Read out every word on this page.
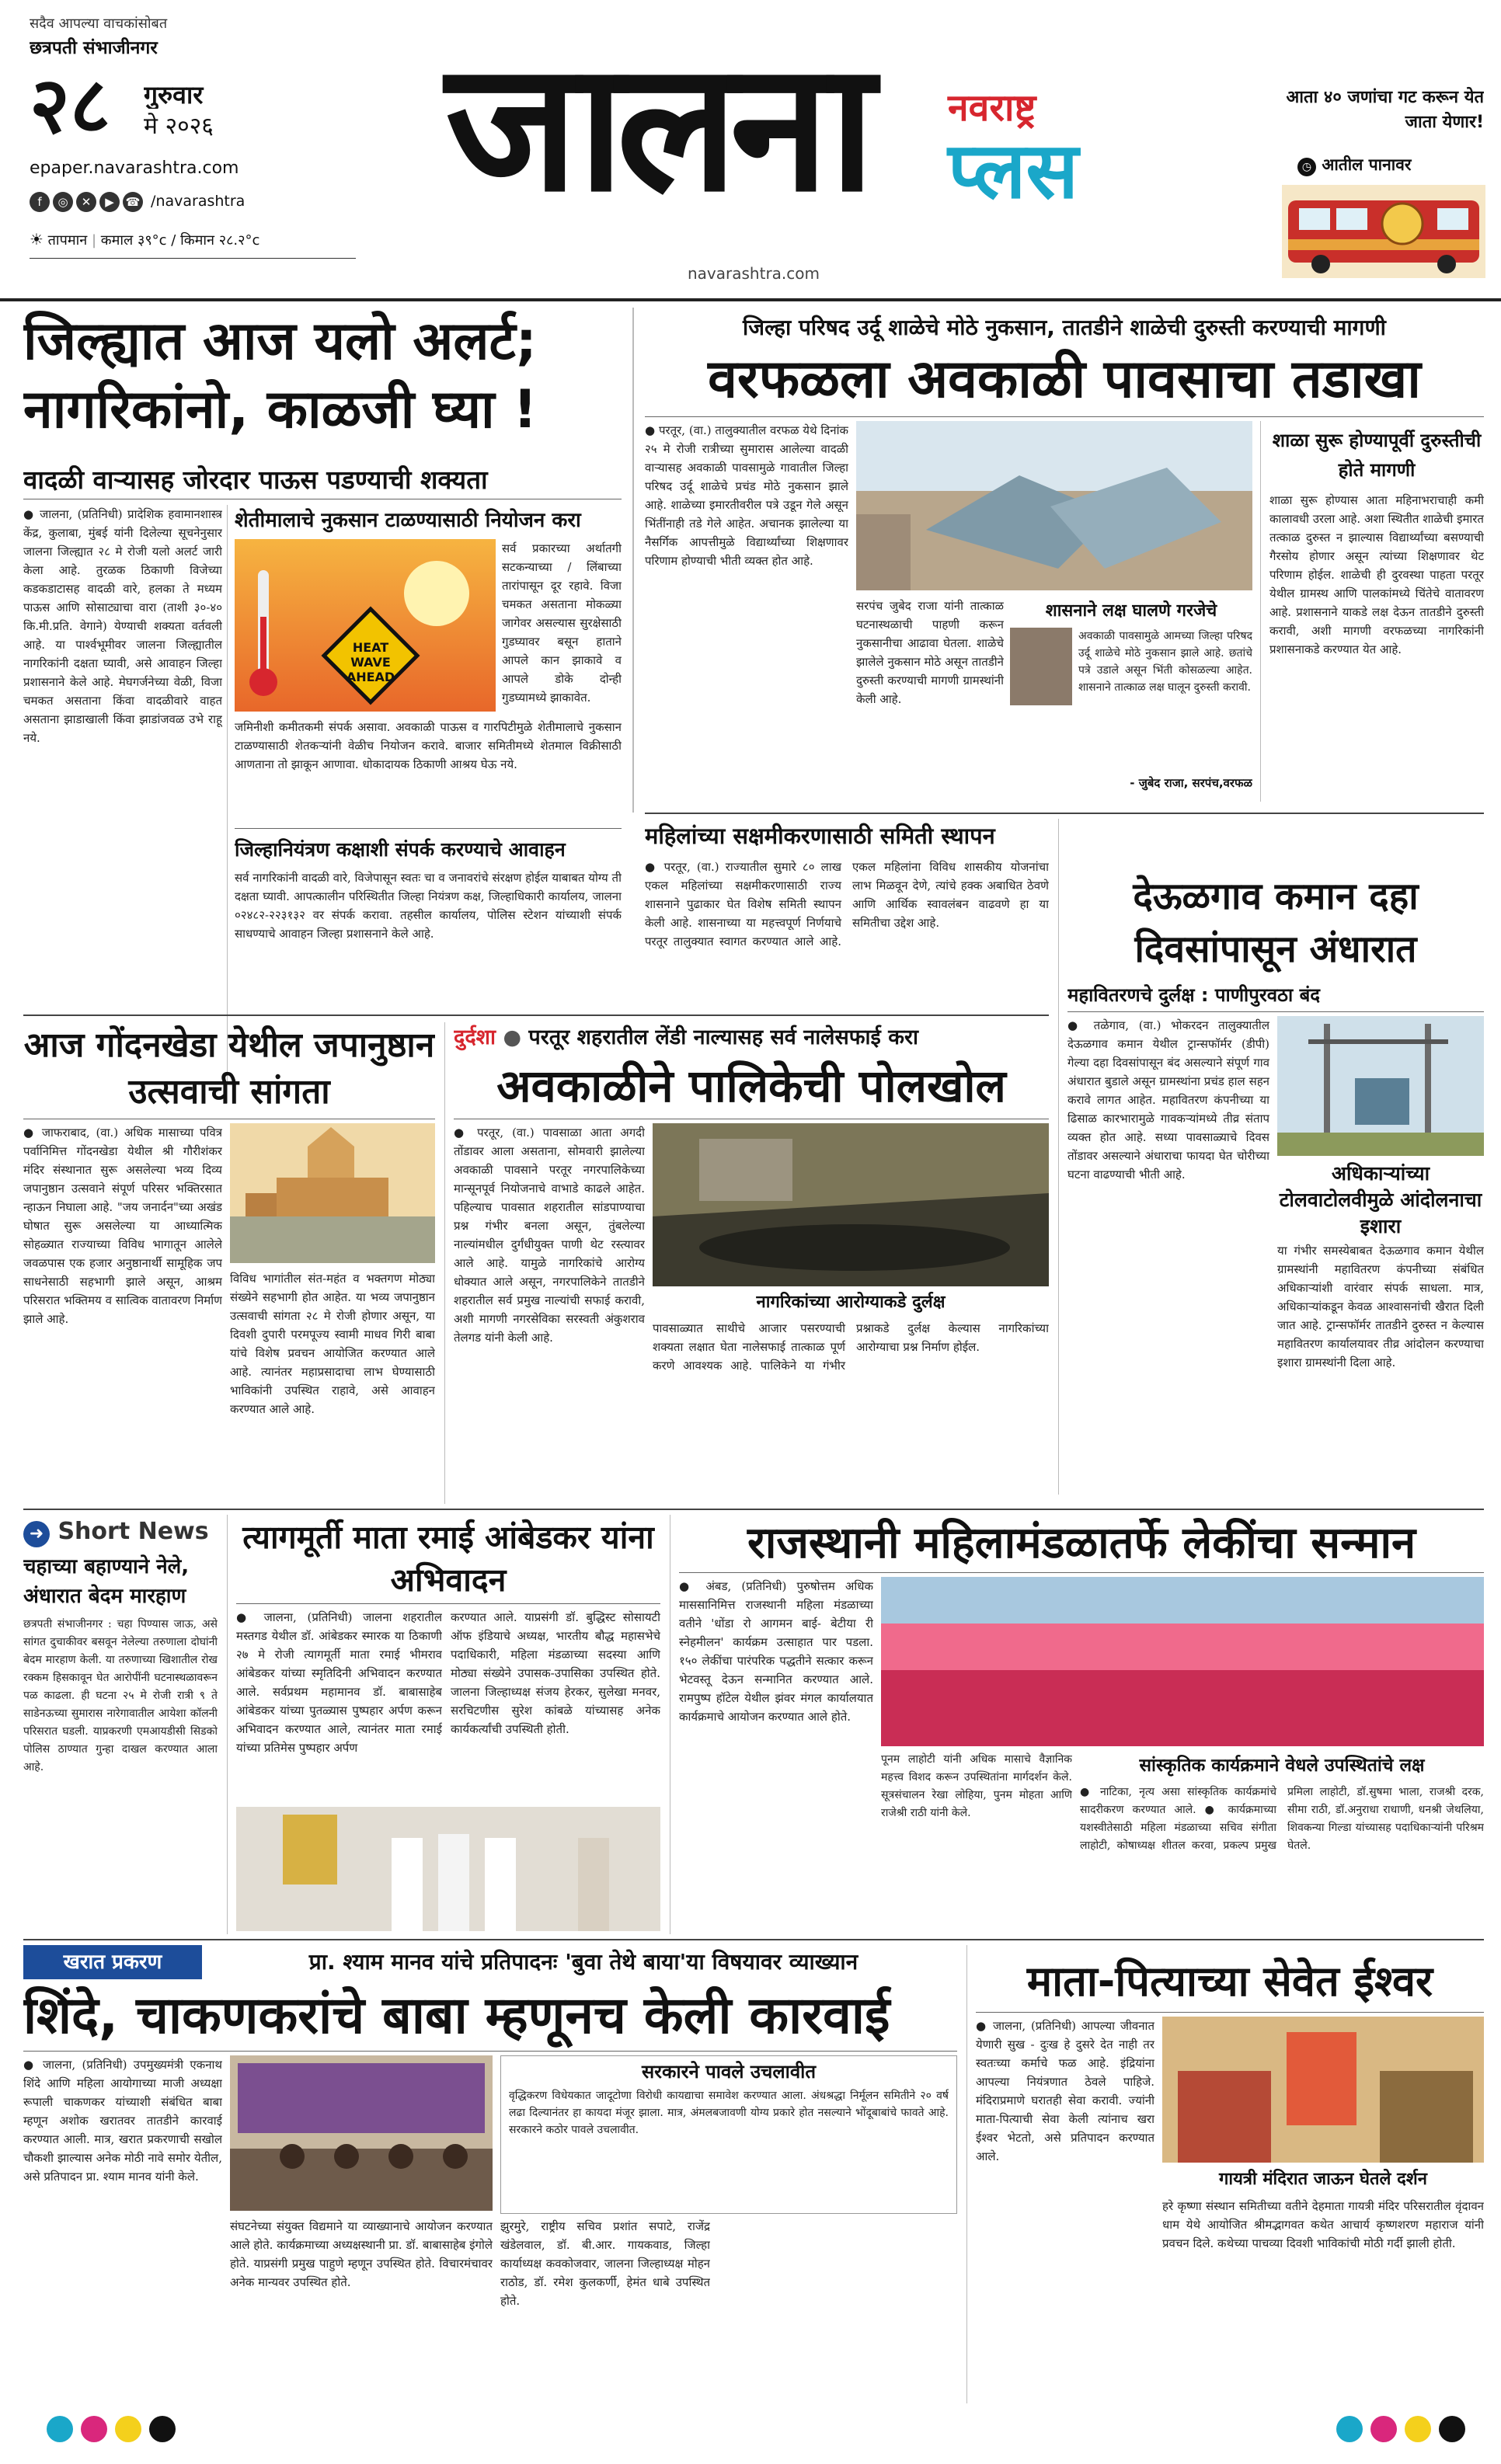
सदैव आपल्या वाचकांसोबत
छत्रपती संभाजीनगर
२८	गुरुवार
मे २०२६
epaper.navarashtra.com
f ◎ ✕ ▶ ☎ /navarashtra
☀ तापमान | कमाल ३९°c / किमान २८.२°c
जालना	नवराष्ट्र
प्लस
navarashtra.com
आता ४० जणांचा गट करून येत जाता येणार!
◷ आतील पानावर
जिल्ह्यात आज यलो अलर्ट; नागरिकांनो, काळजी घ्या !
वादळी वाऱ्यासह जोरदार पाऊस पडण्याची शक्यता
● जालना, (प्रतिनिधी) प्रादेशिक हवामानशास्त्र केंद्र, कुलाबा, मुंबई यांनी दिलेल्या सूचनेनुसार जालना जिल्ह्यात २८ मे रोजी यलो अलर्ट जारी केला आहे. तुरळक ठिकाणी विजेच्या कडकडाटासह वादळी वारे, हलका ते मध्यम पाऊस आणि सोसाट्याचा वारा (ताशी ३०-४० कि.मी.प्रति. वेगाने) येण्याची शक्यता वर्तवली आहे. या पार्श्वभूमीवर जालना जिल्ह्यातील नागरिकांनी दक्षता घ्यावी, असे आवाहन जिल्हा प्रशासनाने केले आहे. मेघगर्जनेच्या वेळी, विजा चमकत असताना किंवा वादळीवारे वाहत असताना झाडाखाली किंवा झाडांजवळ उभे राहू नये.
शेतीमालाचे नुकसान टाळण्यासाठी नियोजन करा
HEAT WAVE AHEAD
सर्व प्रकारच्या अर्थातगी सटकन्याच्या / लिंबाच्या तारांपासून दूर रहावे. विजा चमकत असताना मोकळ्या जागेवर असल्यास सुरक्षेसाठी गुडघ्यावर बसून हाताने आपले कान झाकावे व आपले डोके दोन्ही गुडघ्यामध्ये झाकावेत.
जमिनीशी कमीतकमी संपर्क असावा. अवकाळी पाऊस व गारपिटीमुळे शेतीमालाचे नुकसान टाळण्यासाठी शेतकऱ्यांनी वेळीच नियोजन करावे. बाजार समितीमध्ये शेतमाल विक्रीसाठी आणताना तो झाकून आणावा. धोकादायक ठिकाणी आश्रय घेऊ नये.
जिल्हानियंत्रण कक्षाशी संपर्क करण्याचे आवाहन
सर्व नागरिकांनी वादळी वारे, विजेपासून स्वतः चा व जनावरांचे संरक्षण होईल याबाबत योग्य ती दक्षता घ्यावी. आपत्कालीन परिस्थितीत जिल्हा नियंत्रण कक्ष, जिल्हाधिकारी कार्यालय, जालना ०२४८२-२२३१३२ वर संपर्क करावा. तहसील कार्यालय, पोलिस स्टेशन यांच्याशी संपर्क साधण्याचे आवाहन जिल्हा प्रशासनाने केले आहे.
जिल्हा परिषद उर्दू शाळेचे मोठे नुकसान, तातडीने शाळेची दुरुस्ती करण्याची मागणी
वरफळला अवकाळी पावसाचा तडाखा
● परतूर, (वा.) तालुक्यातील वरफळ येथे दिनांक २५ मे रोजी रात्रीच्या सुमारास आलेल्या वादळी वाऱ्यासह अवकाळी पावसामुळे गावातील जिल्हा परिषद उर्दू शाळेचे प्रचंड मोठे नुकसान झाले आहे. शाळेच्या इमारतीवरील पत्रे उडून गेले असून भिंतींनाही तडे गेले आहेत. अचानक झालेल्या या नैसर्गिक आपत्तीमुळे विद्यार्थ्यांच्या शिक्षणावर परिणाम होण्याची भीती व्यक्त होत आहे.
सरपंच जुबेद राजा यांनी तात्काळ घटनास्थळाची पाहणी करून नुकसानीचा आढावा घेतला. शाळेचे झालेले नुकसान मोठे असून तातडीने दुरुस्ती करण्याची मागणी ग्रामस्थांनी केली आहे.
शासनाने लक्ष घालणे गरजेचे
अवकाळी पावसामुळे आमच्या जिल्हा परिषद उर्दू शाळेचे मोठे नुकसान झाले आहे. छतांचे पत्रे उडाले असून भिंती कोसळल्या आहेत. शासनाने तात्काळ लक्ष घालून दुरुस्ती करावी.
- जुबेद राजा, सरपंच,वरफळ
शाळा सुरू होण्यापूर्वी दुरुस्तीची होते मागणी
शाळा सुरू होण्यास आता महिनाभराचाही कमी कालावधी उरला आहे. अशा स्थितीत शाळेची इमारत तत्काळ दुरुस्त न झाल्यास विद्यार्थ्यांच्या बसण्याची गैरसोय होणार असून त्यांच्या शिक्षणावर थेट परिणाम होईल. शाळेची ही दुरवस्था पाहता परतूर येथील ग्रामस्थ आणि पालकांमध्ये चिंतेचे वातावरण आहे. प्रशासनाने याकडे लक्ष देऊन तातडीने दुरुस्ती करावी, अशी मागणी वरफळच्या नागरिकांनी प्रशासनाकडे करण्यात येत आहे.
महिलांच्या सक्षमीकरणासाठी समिती स्थापन
● परतूर, (वा.) राज्यातील सुमारे ८० लाख एकल महिलांच्या सक्षमीकरणासाठी राज्य शासनाने पुढाकार घेत विशेष समिती स्थापन केली आहे. शासनाच्या या महत्त्वपूर्ण निर्णयाचे परतूर तालुक्यात स्वागत करण्यात आले आहे. एकल महिलांना विविध शासकीय योजनांचा लाभ मिळवून देणे, त्यांचे हक्क अबाधित ठेवणे आणि आर्थिक स्वावलंबन वाढवणे हा या समितीचा उद्देश आहे.
देऊळगाव कमान दहा दिवसांपासून अंधारात
महावितरणचे दुर्लक्ष : पाणीपुरवठा बंद
● तळेगाव, (वा.) भोकरदन तालुक्यातील देऊळगाव कमान येथील ट्रान्सफॉर्मर (डीपी) गेल्या दहा दिवसांपासून बंद असल्याने संपूर्ण गाव अंधारात बुडाले असून ग्रामस्थांना प्रचंड हाल सहन करावे लागत आहेत. महावितरण कंपनीच्या या ढिसाळ कारभारामुळे गावकऱ्यांमध्ये तीव्र संताप व्यक्त होत आहे. सध्या पावसाळ्याचे दिवस तोंडावर असल्याने अंधाराचा फायदा घेत चोरीच्या घटना वाढण्याची भीती आहे.	अधिकाऱ्यांच्या टोलवाटोलवीमुळे आंदोलनाचा इशारा
या गंभीर समस्येबाबत देऊळगाव कमान येथील ग्रामस्थांनी महावितरण कंपनीच्या संबंधित अधिकाऱ्यांशी वारंवार संपर्क साधला. मात्र, अधिकाऱ्यांकडून केवळ आश्वासनांची खैरात दिली जात आहे. ट्रान्सफॉर्मर तातडीने दुरुस्त न केल्यास महावितरण कार्यालयावर तीव्र आंदोलन करण्याचा इशारा ग्रामस्थांनी दिला आहे.
आज गोंदनखेडा येथील जपानुष्ठान उत्सवाची सांगता
● जाफराबाद, (वा.) अधिक मासाच्या पवित्र पर्वानिमित्त गोंदनखेडा येथील श्री गौरीशंकर मंदिर संस्थानात सुरू असलेल्या भव्य दिव्य जपानुष्ठान उत्सवाने संपूर्ण परिसर भक्तिरसात न्हाऊन निघाला आहे. "जय जनार्दन"च्या अखंड घोषात सुरू असलेल्या या आध्यात्मिक सोहळ्यात राज्याच्या विविध भागातून आलेले जवळपास एक हजार अनुष्ठानार्थी सामूहिक जप साधनेसाठी सहभागी झाले असून, आश्रम परिसरात भक्तिमय व सात्विक वातावरण निर्माण झाले आहे.
विविध भागांतील संत-महंत व भक्तगण मोठ्या संख्येने सहभागी होत आहेत. या भव्य जपानुष्ठान उत्सवाची सांगता २८ मे रोजी होणार असून, या दिवशी दुपारी परमपूज्य स्वामी माधव गिरी बाबा यांचे विशेष प्रवचन आयोजित करण्यात आले आहे. त्यानंतर महाप्रसादाचा लाभ घेण्यासाठी भाविकांनी उपस्थित राहावे, असे आवाहन करण्यात आले आहे.
दुर्दशा ● परतूर शहरातील लेंडी नाल्यासह सर्व नालेसफाई करा
अवकाळीने पालिकेची पोलखोल
● परतूर, (वा.) पावसाळा आता अगदी तोंडावर आला असताना, सोमवारी झालेल्या अवकाळी पावसाने परतूर नगरपालिकेच्या मान्सूनपूर्व नियोजनाचे वाभाडे काढले आहेत. पहिल्याच पावसात शहरातील सांडपाण्याचा प्रश्न गंभीर बनला असून, तुंबलेल्या नाल्यांमधील दुर्गंधीयुक्त पाणी थेट रस्त्यावर आले आहे. यामुळे नागरिकांचे आरोग्य धोक्यात आले असून, नगरपालिकेने तातडीने शहरातील सर्व प्रमुख नाल्यांची सफाई करावी, अशी मागणी नगरसेविका सरस्वती अंकुशराव तेलगड यांनी केली आहे.
नागरिकांच्या आरोग्याकडे दुर्लक्ष
पावसाळ्यात साथीचे आजार पसरण्याची शक्यता लक्षात घेता नालेसफाई तात्काळ पूर्ण करणे आवश्यक आहे. पालिकेने या गंभीर प्रश्नाकडे दुर्लक्ष केल्यास नागरिकांच्या आरोग्याचा प्रश्न निर्माण होईल.
➜ Short News
चहाच्या बहाण्याने नेले, अंधारात बेदम मारहाण
छत्रपती संभाजीनगर : चहा पिण्यास जाऊ, असे सांगत दुचाकीवर बसवून नेलेल्या तरुणाला दोघांनी बेदम मारहाण केली. या तरुणाच्या खिशातील रोख रक्कम हिसकावून घेत आरोपींनी घटनास्थळावरून पळ काढला. ही घटना २५ मे रोजी रात्री ९ ते साडेनऊच्या सुमारास नारेगावातील आयेशा कॉलनी परिसरात घडली. याप्रकरणी एमआयडीसी सिडको पोलिस ठाण्यात गुन्हा दाखल करण्यात आला आहे.
त्यागमूर्ती माता रमाई आंबेडकर यांना अभिवादन
● जालना, (प्रतिनिधी) जालना शहरातील मस्तगड येथील डॉ. आंबेडकर स्मारक या ठिकाणी २७ मे रोजी त्यागमूर्ती माता रमाई भीमराव आंबेडकर यांच्या स्मृतिदिनी अभिवादन करण्यात आले. सर्वप्रथम महामानव डॉ. बाबासाहेब आंबेडकर यांच्या पुतळ्यास पुष्पहार अर्पण करून अभिवादन करण्यात आले, त्यानंतर माता रमाई यांच्या प्रतिमेस पुष्पहार अर्पण
करण्यात आले. याप्रसंगी डॉ. बुद्धिस्ट सोसायटी ऑफ इंडियाचे अध्यक्ष, भारतीय बौद्ध महासभेचे पदाधिकारी, महिला मंडळाच्या सदस्या आणि मोठ्या संख्येने उपासक-उपासिका उपस्थित होते. जालना जिल्हाध्यक्ष संजय हेरकर, सुलेखा मनवर, सरचिटणीस सुरेश कांबळे यांच्यासह अनेक कार्यकर्त्यांची उपस्थिती होती.
राजस्थानी महिलामंडळातर्फे लेकींचा सन्मान
● अंबड, (प्रतिनिधी) पुरुषोत्तम अधिक माससानिमित्त राजस्थानी महिला मंडळाच्या वतीने 'धोंडा रो आगमन बाई- बेटीया री स्नेहमीलन' कार्यक्रम उत्साहात पार पडला. १५० लेकींचा पारंपरिक पद्धतीने सत्कार करून भेटवस्तू देऊन सन्मानित करण्यात आले. रामपुष्प हॉटेल येथील झंवर मंगल कार्यालयात कार्यक्रमाचे आयोजन करण्यात आले होते.
पूनम लाहोटी यांनी अधिक मासाचे वैज्ञानिक महत्त्व विशद करून उपस्थितांना मार्गदर्शन केले. सूत्रसंचालन रेखा लोहिया, पुनम मोहता आणि राजेश्री राठी यांनी केले.
सांस्कृतिक कार्यक्रमाने वेधले उपस्थितांचे लक्ष
● नाटिका, नृत्य असा सांस्कृतिक कार्यक्रमांचे सादरीकरण करण्यात आले. ● कार्यक्रमाच्या यशस्वीतेसाठी महिला मंडळाच्या सचिव संगीता लाहोटी, कोषाध्यक्ष शीतल करवा, प्रकल्प प्रमुख प्रमिला लाहोटी, डॉ.सुषमा भाला, राजश्री दरक, सीमा राठी, डॉ.अनुराधा राधाणी, धनश्री जेथलिया, शिवकन्या गिल्डा यांच्यासह पदाधिकाऱ्यांनी परिश्रम घेतले.
खरात प्रकरण	प्रा. श्याम मानव यांचे प्रतिपादनः 'बुवा तेथे बाया'या विषयावर व्याख्यान
शिंदे, चाकणकरांचे बाबा म्हणूनच केली कारवाई
● जालना, (प्रतिनिधी) उपमुख्यमंत्री एकनाथ शिंदे आणि महिला आयोगाच्या माजी अध्यक्षा रूपाली चाकणकर यांच्याशी संबंधित बाबा म्हणून अशोक खरातवर तातडीने कारवाई करण्यात आली. मात्र, खरात प्रकरणाची सखोल चौकशी झाल्यास अनेक मोठी नावे समोर येतील, असे प्रतिपादन प्रा. श्याम मानव यांनी केले.
संघटनेच्या संयुक्त विद्यमाने या व्याख्यानाचे आयोजन करण्यात आले होते. कार्यक्रमाच्या अध्यक्षस्थानी प्रा. डॉ. बाबासाहेब इंगोले होते. याप्रसंगी प्रमुख पाहुणे म्हणून उपस्थित होते. विचारमंचावर अनेक मान्यवर उपस्थित होते.
झुरमुरे, राष्ट्रीय सचिव प्रशांत सपाटे, राजेंद्र खंडेलवाल, डॉ. बी.आर. गायकवाड, जिल्हा कार्याध्यक्ष कवकोजवार, जालना जिल्हाध्यक्ष मोहन राठोड, डॉ. रमेश कुलकर्णी, हेमंत धाबे उपस्थित होते.
सरकारने पावले उचलावीत
वृद्धिकरण विधेयकात जादूटोणा विरोधी कायद्याचा समावेश करण्यात आला. अंधश्रद्धा निर्मूलन समितीने २० वर्ष लढा दिल्यानंतर हा कायदा मंजूर झाला. मात्र, अंमलबजावणी योग्य प्रकारे होत नसल्याने भोंदूबाबांचे फावते आहे. सरकारने कठोर पावले उचलावीत.
माता-पित्याच्या सेवेत ईश्वर
● जालना, (प्रतिनिधी) आपल्या जीवनात येणारी सुख - दुःख हे दुसरे देत नाही तर स्वतःच्या कर्माचे फळ आहे. इंद्रियांना आपल्या नियंत्रणात ठेवले पाहिजे. मंदिराप्रमाणे घरातही सेवा करावी. ज्यांनी माता-पित्याची सेवा केली त्यांनाच खरा ईश्वर भेटतो, असे प्रतिपादन करण्यात आले.
गायत्री मंदिरात जाऊन घेतले दर्शन
हरे कृष्णा संस्थान समितीच्या वतीने देहमाता गायत्री मंदिर परिसरातील वृंदावन धाम येथे आयोजित श्रीमद्भागवत कथेत आचार्य कृष्णशरण महाराज यांनी प्रवचन दिले. कथेच्या पाचव्या दिवशी भाविकांची मोठी गर्दी झाली होती.
